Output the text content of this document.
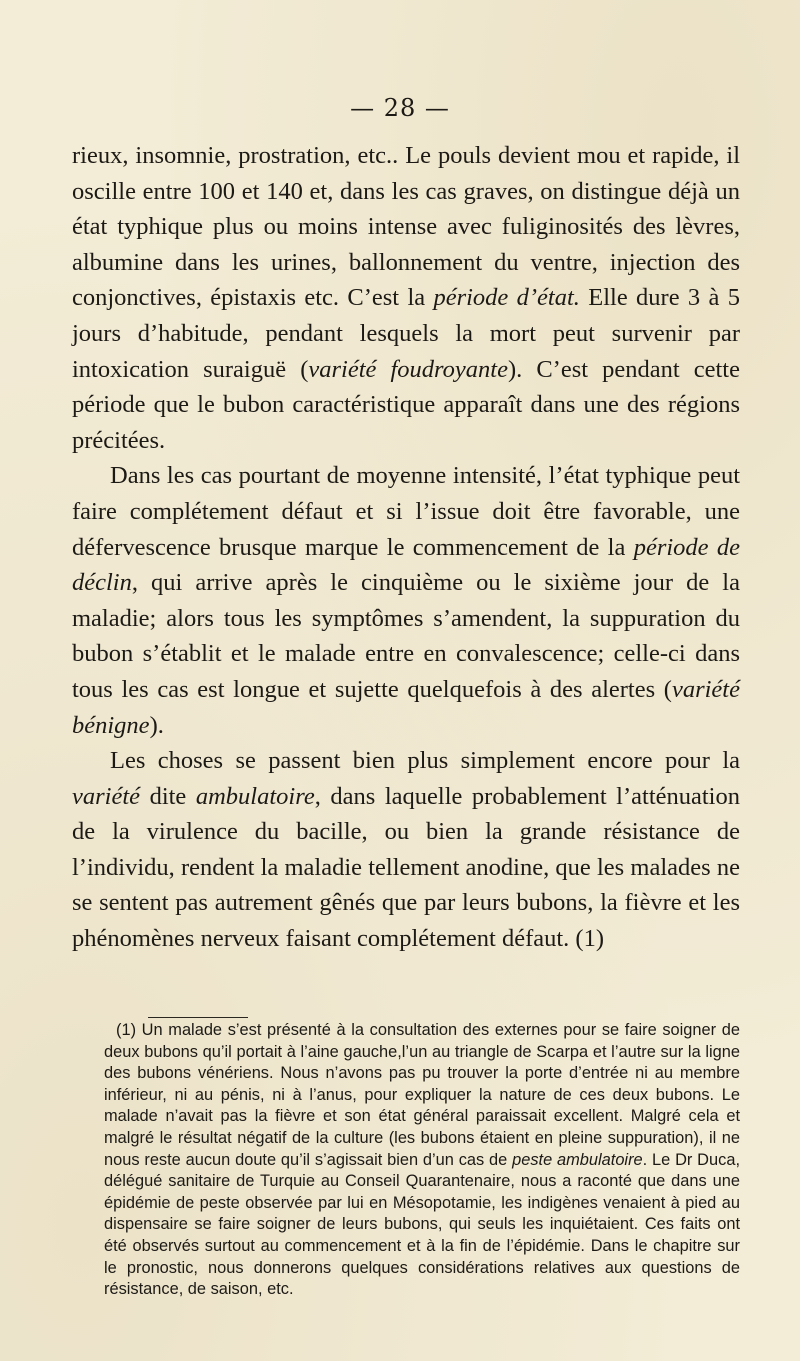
— 28 —

rieux, insomnie, prostration, etc.. Le pouls devient mou et rapide, il oscille entre 100 et 140 et, dans les cas graves, on distingue déjà un état typhique plus ou moins intense avec fuliginosités des lèvres, albumine dans les urines, ballonnement du ventre, injection des conjonctives, épistaxis etc. C’est la période d’état. Elle dure 3 à 5 jours d’habitude, pendant lesquels la mort peut survenir par intoxication suraiguë (variété foudroyante). C’est pendant cette période que le bubon caractéristique apparaît dans une des régions précitées.

Dans les cas pourtant de moyenne intensité, l’état typhique peut faire complétement défaut et si l’issue doit être favorable, une défervescence brusque marque le commencement de la période de déclin, qui arrive après le cinquième ou le sixième jour de la maladie; alors tous les symptômes s’amendent, la suppuration du bubon s’établit et le malade entre en convalescence; celle-ci dans tous les cas est longue et sujette quelquefois à des alertes (variété bénigne).

Les choses se passent bien plus simplement encore pour la variété dite ambulatoire, dans laquelle probablement l’atténuation de la virulence du bacille, ou bien la grande résistance de l’individu, rendent la maladie tellement anodine, que les malades ne se sentent pas autrement gênés que par leurs bubons, la fièvre et les phénomènes nerveux faisant complétement défaut. (1)

(1) Un malade s’est présenté à la consultation des externes pour se faire soigner de deux bubons qu’il portait à l’aine gauche,l’un au triangle de Scarpa et l’autre sur la ligne des bubons vénériens. Nous n’avons pas pu trouver la porte d’entrée ni au membre inférieur, ni au pénis, ni à l’anus, pour expliquer la nature de ces deux bubons. Le malade n’avait pas la fièvre et son état général paraissait excellent. Malgré cela et malgré le résultat négatif de la culture (les bubons étaient en pleine suppuration), il ne nous reste aucun doute qu’il s’agissait bien d’un cas de peste ambulatoire. Le Dr Duca, délégué sanitaire de Turquie au Conseil Quarantenaire, nous a raconté que dans une épidémie de peste observée par lui en Mésopotamie, les indigènes venaient à pied au dispensaire se faire soigner de leurs bubons, qui seuls les inquiétaient. Ces faits ont été observés surtout au commencement et à la fin de l’épidémie. Dans le chapitre sur le pronostic, nous donnerons quelques considérations relatives aux questions de résistance, de saison, etc.
